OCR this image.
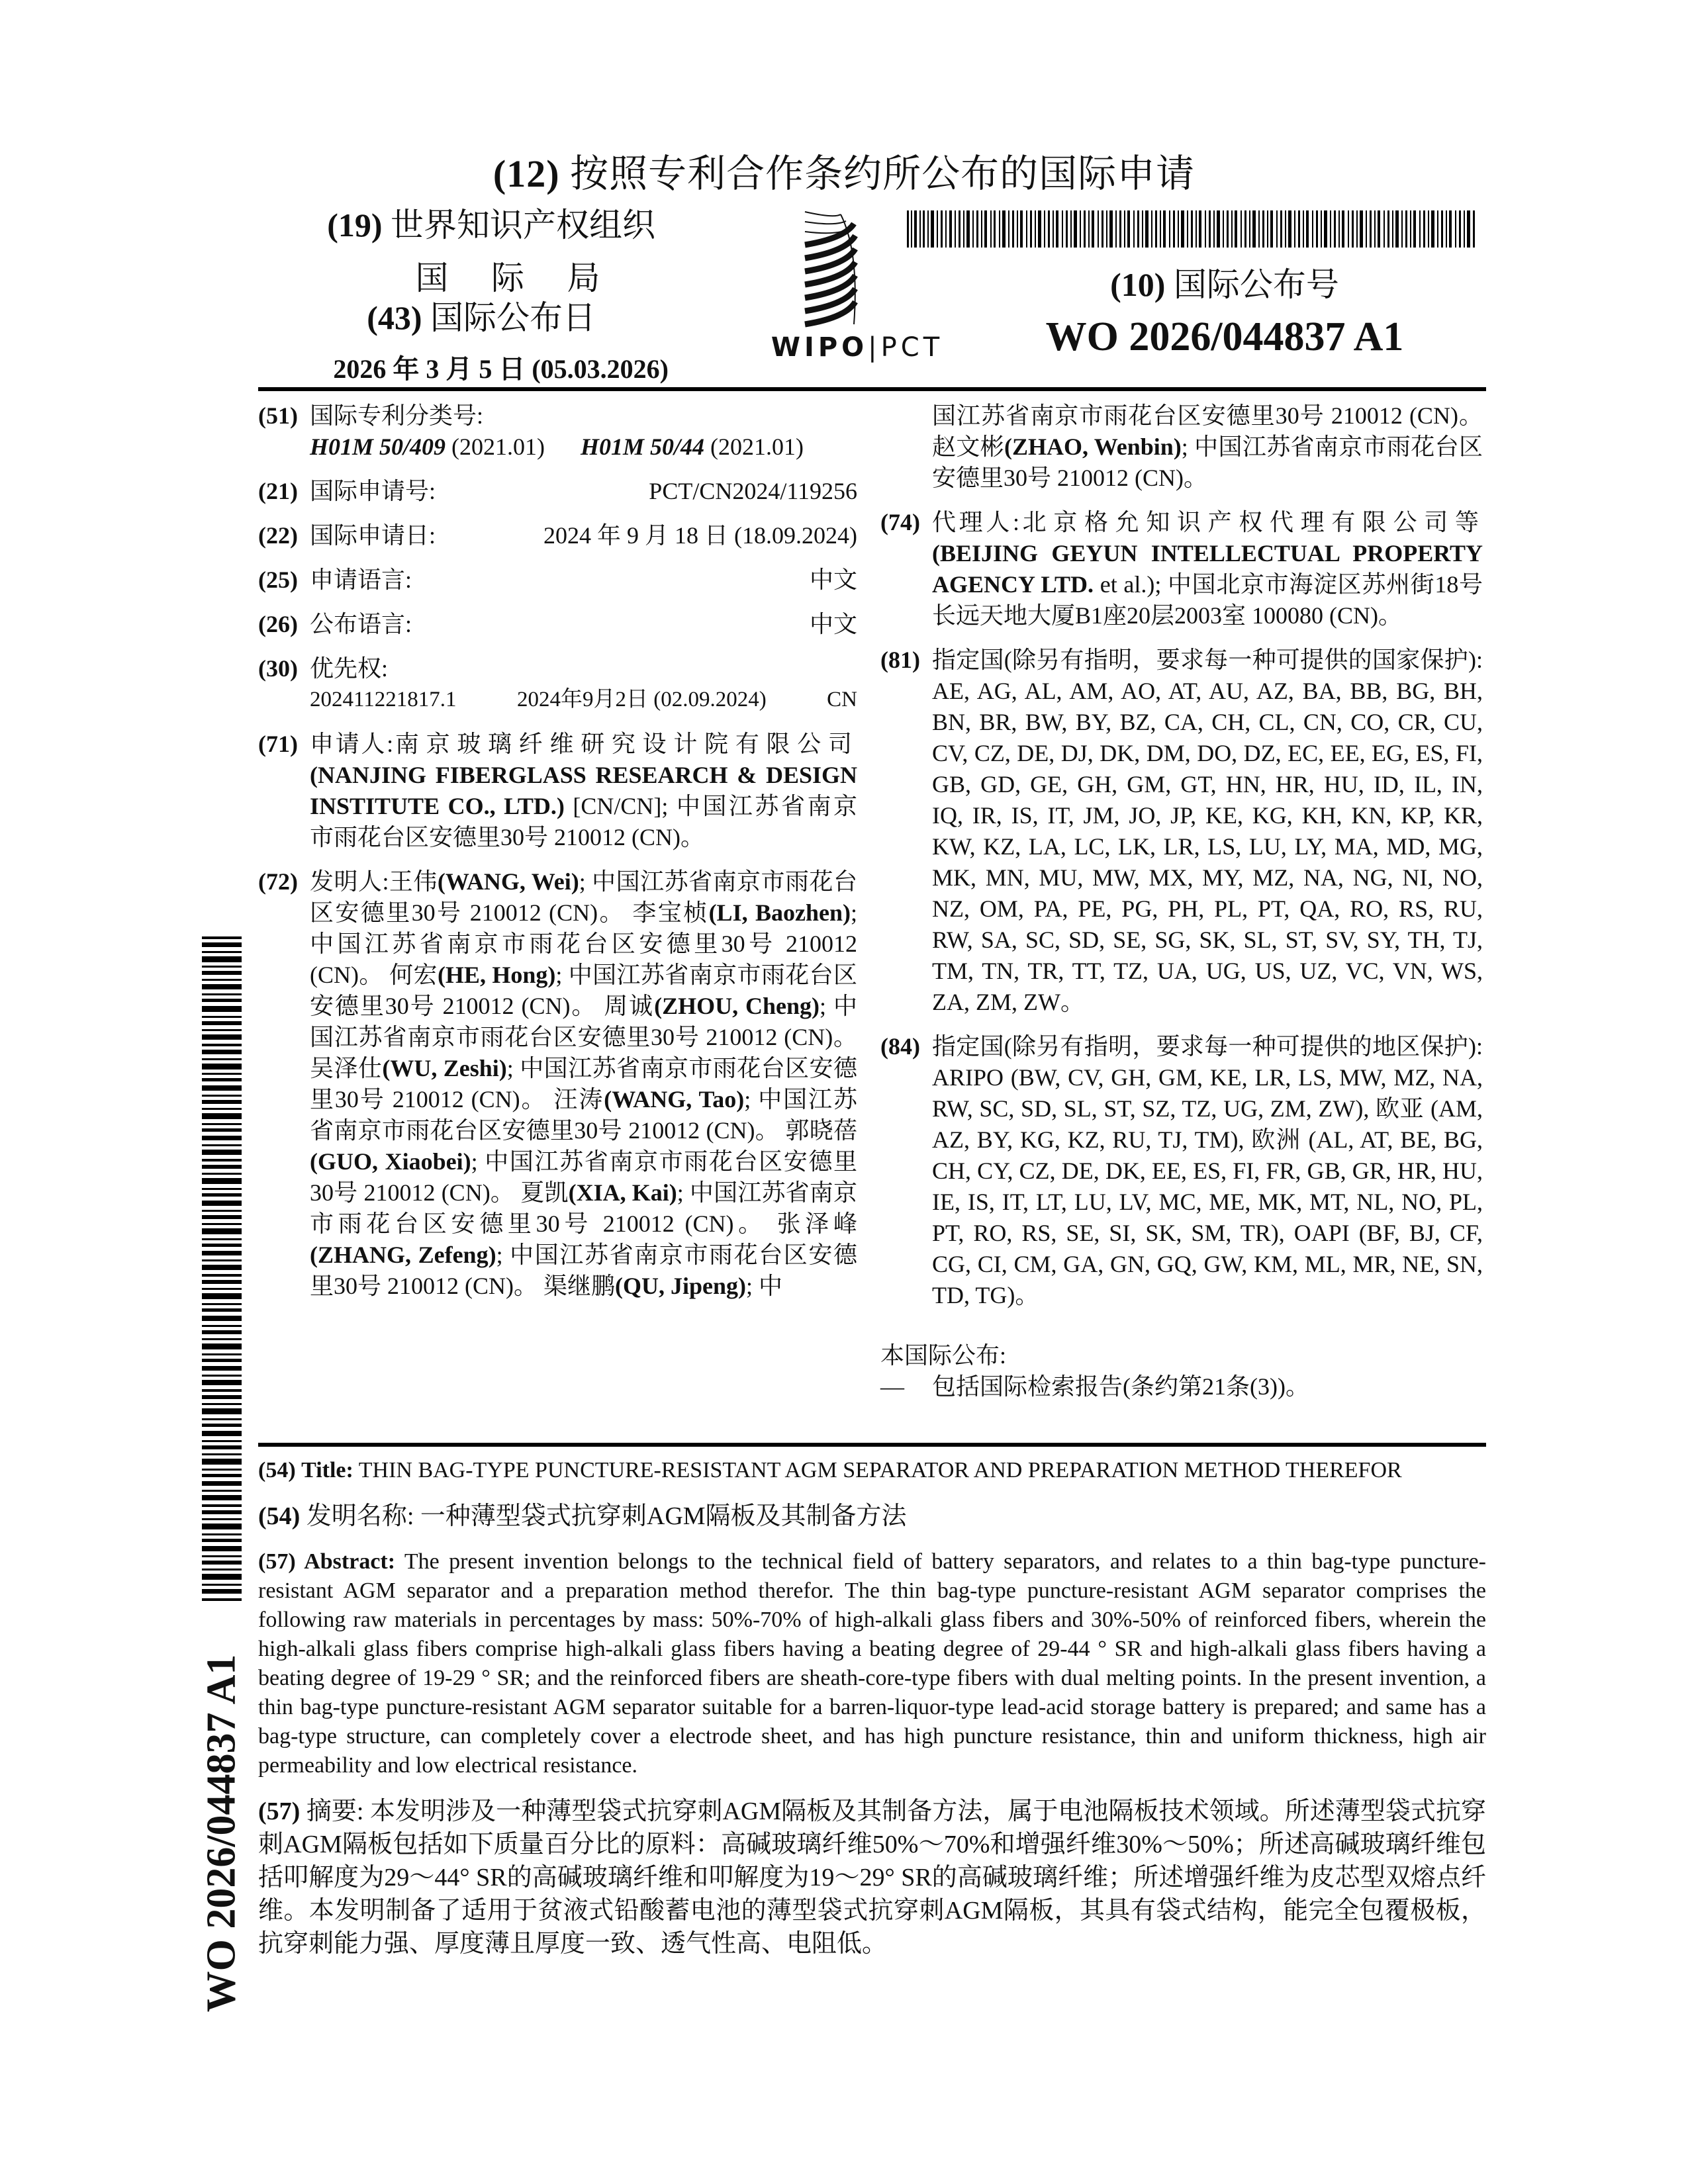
(12) 按照专利合作条约所公布的国际申请
(19) 世界知识产权组织
国 际 局
(43) 国际公布日
2026 年 3 月 5 日 (05.03.2026)
WIPO|PCT
(10) 国际公布号
WO 2026/044837 A1
(51) 国际专利分类号:
H01M 50/409 (2021.01) H01M 50/44 (2021.01)
(21) 国际申请号:	PCT/CN2024/119256
(22) 国际申请日:	2024 年 9 月 18 日 (18.09.2024)
(25) 申请语言:	中文
(26) 公布语言:	中文
(30) 优先权:
202411221817.1	2024年9月2日 (02.09.2024)	CN
(71) 申请人:南京玻璃纤维研究设计院有限公司(NANJING FIBERGLASS RESEARCH & DESIGN INSTITUTE CO., LTD.) [CN/CN]; 中国江苏省南京市雨花台区安德里30号 210012 (CN)。
(72) 发明人:王伟(WANG, Wei); 中国江苏省南京市雨花台区安德里30号 210012 (CN)。 李宝桢(LI, Baozhen); 中国江苏省南京市雨花台区安德里30号 210012 (CN)。 何宏(HE, Hong); 中国江苏省南京市雨花台区安德里30号 210012 (CN)。 周诚(ZHOU, Cheng); 中国江苏省南京市雨花台区安德里30号 210012 (CN)。 吴泽仕(WU, Zeshi); 中国江苏省南京市雨花台区安德里30号 210012 (CN)。 汪涛(WANG, Tao); 中国江苏省南京市雨花台区安德里30号 210012 (CN)。 郭晓蓓(GUO, Xiaobei); 中国江苏省南京市雨花台区安德里30号 210012 (CN)。 夏凯(XIA, Kai); 中国江苏省南京市雨花台区安德里30号 210012 (CN)。 张泽峰(ZHANG, Zefeng); 中国江苏省南京市雨花台区安德里30号 210012 (CN)。 渠继鹏(QU, Jipeng); 中
国江苏省南京市雨花台区安德里30号 210012 (CN)。 赵文彬(ZHAO, Wenbin); 中国江苏省南京市雨花台区安德里30号 210012 (CN)。
(74) 代理人:北京格允知识产权代理有限公司等 (BEIJING GEYUN INTELLECTUAL PROPERTY AGENCY LTD. et al.); 中国北京市海淀区苏州街18号长远天地大厦B1座20层2003室 100080 (CN)。
(81) 指定国(除另有指明，要求每一种可提供的国家保护): AE, AG, AL, AM, AO, AT, AU, AZ, BA, BB, BG, BH, BN, BR, BW, BY, BZ, CA, CH, CL, CN, CO, CR, CU, CV, CZ, DE, DJ, DK, DM, DO, DZ, EC, EE, EG, ES, FI, GB, GD, GE, GH, GM, GT, HN, HR, HU, ID, IL, IN, IQ, IR, IS, IT, JM, JO, JP, KE, KG, KH, KN, KP, KR, KW, KZ, LA, LC, LK, LR, LS, LU, LY, MA, MD, MG, MK, MN, MU, MW, MX, MY, MZ, NA, NG, NI, NO, NZ, OM, PA, PE, PG, PH, PL, PT, QA, RO, RS, RU, RW, SA, SC, SD, SE, SG, SK, SL, ST, SV, SY, TH, TJ, TM, TN, TR, TT, TZ, UA, UG, US, UZ, VC, VN, WS, ZA, ZM, ZW。
(84) 指定国(除另有指明，要求每一种可提供的地区保护): ARIPO (BW, CV, GH, GM, KE, LR, LS, MW, MZ, NA, RW, SC, SD, SL, ST, SZ, TZ, UG, ZM, ZW), 欧亚 (AM, AZ, BY, KG, KZ, RU, TJ, TM), 欧洲 (AL, AT, BE, BG, CH, CY, CZ, DE, DK, EE, ES, FI, FR, GB, GR, HR, HU, IE, IS, IT, LT, LU, LV, MC, ME, MK, MT, NL, NO, PL, PT, RO, RS, SE, SI, SK, SM, TR), OAPI (BF, BJ, CF, CG, CI, CM, GA, GN, GQ, GW, KM, ML, MR, NE, SN, TD, TG)。
本国际公布:
—	包括国际检索报告(条约第21条(3))。
(54) Title: THIN BAG-TYPE PUNCTURE-RESISTANT AGM SEPARATOR AND PREPARATION METHOD THEREFOR
(54) 发明名称: 一种薄型袋式抗穿刺AGM隔板及其制备方法
(57) Abstract: The present invention belongs to the technical field of battery separators, and relates to a thin bag-type puncture-resistant AGM separator and a preparation method therefor. The thin bag-type puncture-resistant AGM separator comprises the following raw materials in percentages by mass: 50%-70% of high-alkali glass fibers and 30%-50% of reinforced fibers, wherein the high-alkali glass fibers comprise high-alkali glass fibers having a beating degree of 29-44 ° SR and high-alkali glass fibers having a beating degree of 19-29 ° SR; and the reinforced fibers are sheath-core-type fibers with dual melting points. In the present invention, a thin bag-type puncture-resistant AGM separator suitable for a barren-liquor-type lead-acid storage battery is prepared; and same has a bag-type structure, can completely cover a electrode sheet, and has high puncture resistance, thin and uniform thickness, high air permeability and low electrical resistance.
(57) 摘要: 本发明涉及一种薄型袋式抗穿刺AGM隔板及其制备方法，属于电池隔板技术领域。所述薄型袋式抗穿刺AGM隔板包括如下质量百分比的原料：高碱玻璃纤维50%～70%和增强纤维30%～50%；所述高碱玻璃纤维包括叩解度为29～44° SR的高碱玻璃纤维和叩解度为19～29° SR的高碱玻璃纤维；所述增强纤维为皮芯型双熔点纤维。本发明制备了适用于贫液式铅酸蓄电池的薄型袋式抗穿刺AGM隔板，其具有袋式结构，能完全包覆极板，抗穿刺能力强、厚度薄且厚度一致、透气性高、电阻低。
WO 2026/044837 A1
